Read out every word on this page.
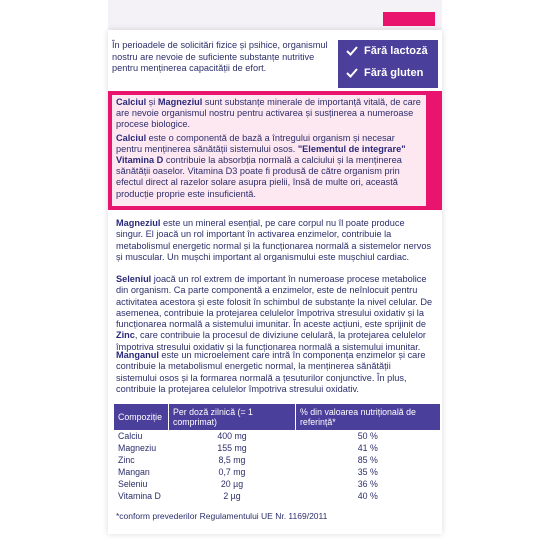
În perioadele de solicitări fizice și psihice, organismul nostru are nevoie de suficiente substanțe nutritive pentru menținerea capacității de efort.
Fără lactoză
Fără gluten
Calciul și Magneziul sunt substanțe minerale de importanță vitală, de care are nevoie organismul nostru pentru activarea și susținerea a numeroase procese biologice.
Calciul este o componentă de bază a întregului organism și necesar pentru menținerea sănătății sistemului osos. "Elementul de integrare" Vitamina D contribuie la absorbția normală a calciului și la menținerea sănătății oaselor. Vitamina D3 poate fi produsă de către organism prin efectul direct al razelor solare asupra pielii, însă de multe ori, această producție proprie este insuficientă.
Magneziul este un mineral esențial, pe care corpul nu îl poate produce singur. El joacă un rol important în activarea enzimelor, contribuie la metabolismul energetic normal și la funcționarea normală a sistemelor nervos și muscular. Un mușchi important al organismului este mușchiul cardiac.
Seleniul joacă un rol extrem de important în numeroase procese metabolice din organism. Ca parte componentă a enzimelor, este de neînlocuit pentru activitatea acestora și este folosit în schimbul de substanțe la nivel celular. De asemenea, contribuie la protejarea celulelor împotriva stresului oxidativ și la funcționarea normală a sistemului imunitar. În aceste acțiuni, este sprijinit de Zinc, care contribuie la procesul de diviziune celulară, la protejarea celulelor împotriva stresului oxidativ și la funcționarea normală a sistemului imunitar.
Manganul este un microelement care intră în componența enzimelor și care contribuie la metabolismul energetic normal, la menținerea sănătății sistemului osos și la formarea normală a țesuturilor conjunctive. În plus, contribuie la protejarea celulelor împotriva stresului oxidativ.
Compoziție	Per doză zilnică (= 1 comprimat)	% din valoarea nutrițională de referință*
Calciu	400 mg	50 %
Magneziu	155 mg	41 %
Zinc	8,5 mg	85 %
Mangan	0,7 mg	35 %
Seleniu	20 µg	36 %
Vitamina D	2 µg	40 %
*conform prevederilor Regulamentului UE Nr. 1169/2011
